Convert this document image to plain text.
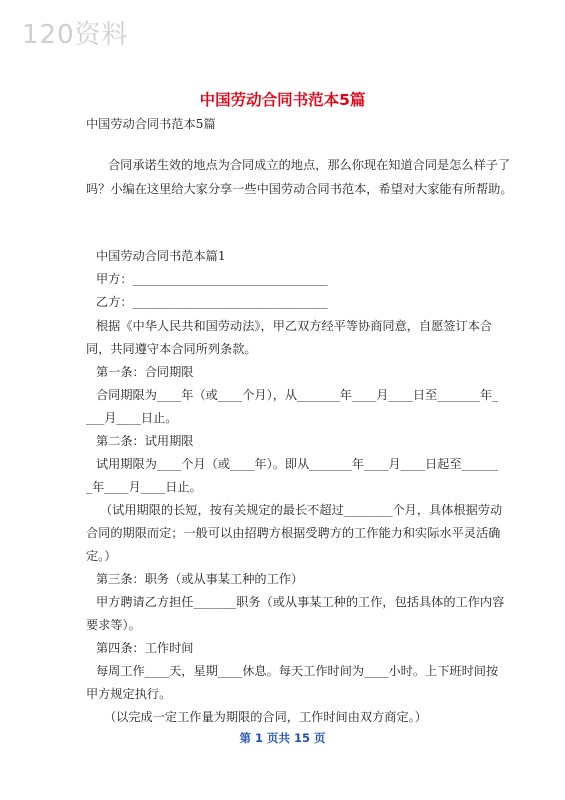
120资料
中国劳动合同书范本5篇
中国劳动合同书范本5篇
合同承诺生效的地点为合同成立的地点，那么你现在知道合同是怎么样子了
吗？小编在这里给大家分享一些中国劳动合同书范本，希望对大家能有所帮助。
中国劳动合同书范本篇1
甲方：________________________________
乙方：________________________________
根据《中华人民共和国劳动法》，甲乙双方经平等协商同意，自愿签订本合
同，共同遵守本合同所列条款。
第一条：合同期限
合同期限为____年（或____个月），从_______年____月____日至_______年_
___月____日止。
第二条：试用期限
试用期限为____个月（或____年）。即从_______年____月____日起至______
_年____月____日止。
（试用期限的长短，按有关规定的最长不超过________个月，具体根据劳动
合同的期限而定；一般可以由招聘方根据受聘方的工作能力和实际水平灵活确
定。）
第三条：职务（或从事某工种的工作）
甲方聘请乙方担任_______职务（或从事某工种的工作，包括具体的工作内容
要求等）。
第四条：工作时间
每周工作____天，星期____休息。每天工作时间为____小时。上下班时间按
甲方规定执行。
（以完成一定工作量为期限的合同，工作时间由双方商定。）
第 1 页共 15 页
